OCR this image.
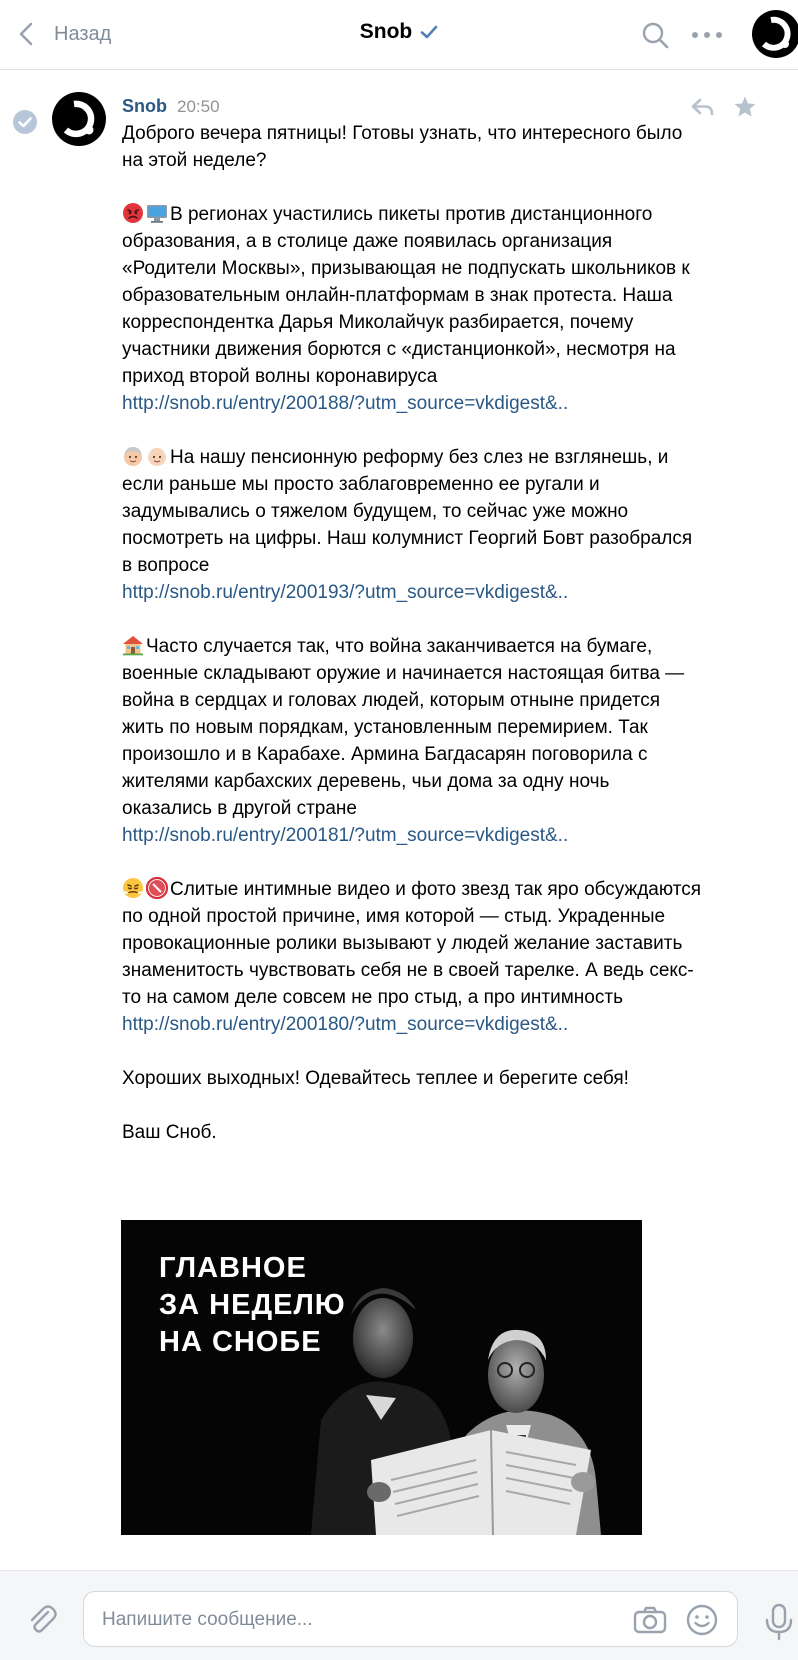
Назад	Snob
Snob 20:50

Доброго вечера пятницы! Готовы узнать, что интересного было на этой неделе?

В регионах участились пикеты против дистанционного образования, а в столице даже появилась организация «Родители Москвы», призывающая не подпускать школьников к образовательным онлайн-платформам в знак протеста. Наша корреспондентка Дарья Миколайчук разбирается, почему участники движения борются с «дистанционкой», несмотря на приход второй волны коронавируса

http://snob.ru/entry/200188/?utm_source=vkdigest&..

На нашу пенсионную реформу без слез не взглянешь, и если раньше мы просто заблаговременно ее ругали и задумывались о тяжелом будущем, то сейчас уже можно посмотреть на цифры. Наш колумнист Георгий Бовт разобрался в вопросе

http://snob.ru/entry/200193/?utm_source=vkdigest&..

Часто случается так, что война заканчивается на бумаге, военные складывают оружие и начинается настоящая битва — война в сердцах и головах людей, которым отныне придется жить по новым порядкам, установленным перемирием. Так произошло и в Карабахе. Армина Багдасарян поговорила с жителями карбахских деревень, чьи дома за одну ночь оказались в другой стране

http://snob.ru/entry/200181/?utm_source=vkdigest&..

Слитые интимные видео и фото звезд так яро обсуждаются по одной простой причине, имя которой — стыд. Украденные провокационные ролики вызывают у людей желание заставить знаменитость чувствовать себя не в своей тарелке. А ведь секс-то на самом деле совсем не про стыд, а про интимность

http://snob.ru/entry/200180/?utm_source=vkdigest&..

Хороших выходных! Одевайтесь теплее и берегите себя!

Ваш Сноб.

ГЛАВНОЕ
ЗА НЕДЕЛЮ
НА СНОБЕ
Напишите сообщение...
